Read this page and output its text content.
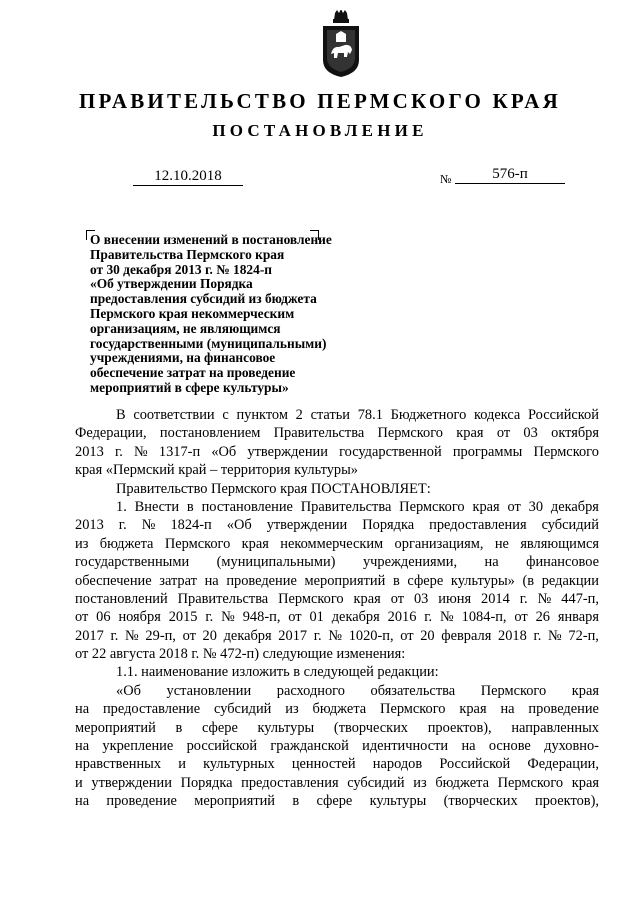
ПРАВИТЕЛЬСТВО ПЕРМСКОГО КРАЯ
ПОСТАНОВЛЕНИЕ
12.10.2018	№	576-п
О внесении изменений в постановление
Правительства Пермского края
от 30 декабря 2013 г. № 1824-п
«Об утверждении Порядка
предоставления субсидий из бюджета
Пермского края некоммерческим
организациям, не являющимся
государственными (муниципальными)
учреждениями, на финансовое
обеспечение затрат на проведение
мероприятий в сфере культуры»
В соответствии с пунктом 2 статьи 78.1 Бюджетного кодекса Российской
Федерации, постановлением Правительства Пермского края от 03 октября
2013 г. № 1317-п «Об утверждении государственной программы Пермского
края «Пермский край – территория культуры»
Правительство Пермского края ПОСТАНОВЛЯЕТ:
1. Внести в постановление Правительства Пермского края от 30 декабря
2013 г. № 1824-п «Об утверждении Порядка предоставления субсидий
из бюджета Пермского края некоммерческим организациям, не являющимся
государственными (муниципальными) учреждениями, на финансовое
обеспечение затрат на проведение мероприятий в сфере культуры» (в редакции
постановлений Правительства Пермского края от 03 июня 2014 г. № 447-п,
от 06 ноября 2015 г. № 948-п, от 01 декабря 2016 г. № 1084-п, от 26 января
2017 г. № 29-п, от 20 декабря 2017 г. № 1020-п, от 20 февраля 2018 г. № 72-п,
от 22 августа 2018 г. № 472-п) следующие изменения:
1.1. наименование изложить в следующей редакции:
«Об установлении расходного обязательства Пермского края
на предоставление субсидий из бюджета Пермского края на проведение
мероприятий в сфере культуры (творческих проектов), направленных
на укрепление российской гражданской идентичности на основе духовно-
нравственных и культурных ценностей народов Российской Федерации,
и утверждении Порядка предоставления субсидий из бюджета Пермского края
на проведение мероприятий в сфере культуры (творческих проектов),
